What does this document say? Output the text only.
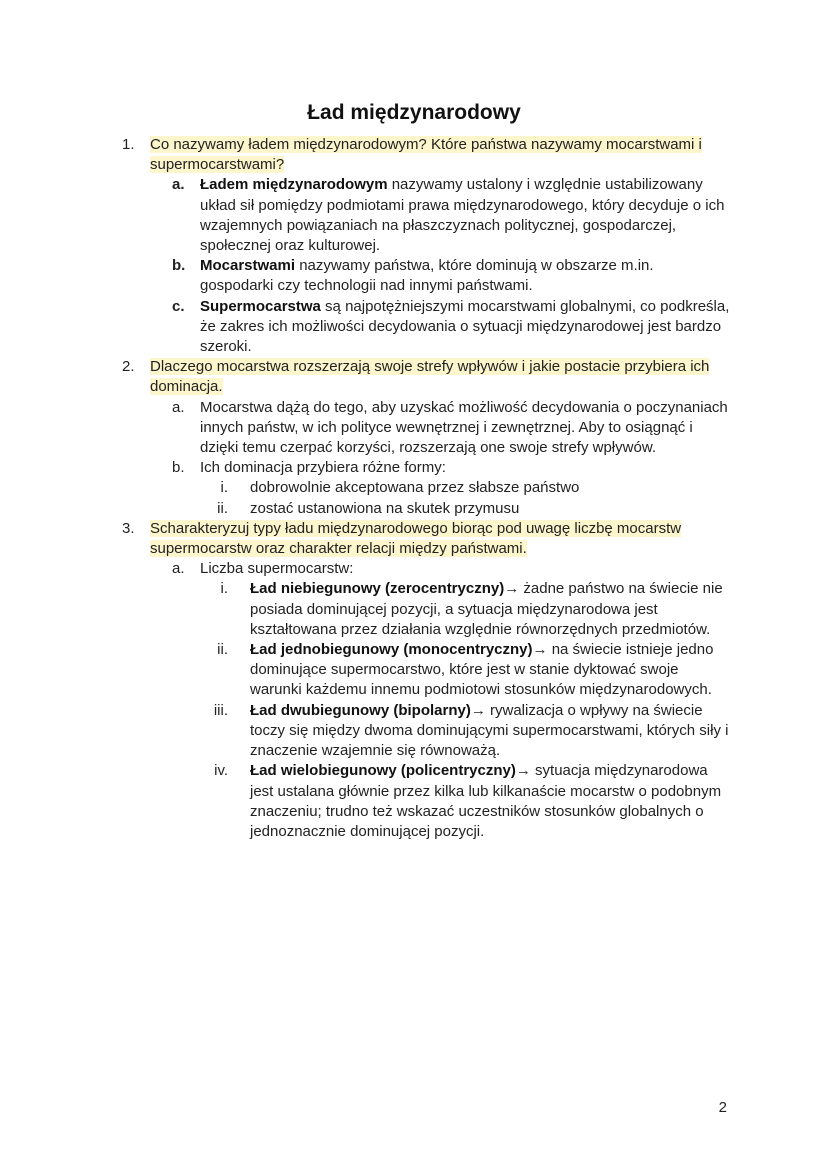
Ład międzynarodowy
1.	Co nazywamy ładem międzynarodowym? Które państwa nazywamy mocarstwami i supermocarstwami?
a.	Ładem międzynarodowym nazywamy ustalony i względnie ustabilizowany układ sił pomiędzy podmiotami prawa międzynarodowego, który decyduje o ich wzajemnych powiązaniach na płaszczyznach politycznej, gospodarczej, społecznej oraz kulturowej.
b. Mocarstwami nazywamy państwa, które dominują w obszarze m.in. gospodarki czy technologii nad innymi państwami.
c.	Supermocarstwa są najpotężniejszymi mocarstwami globalnymi, co podkreśla, że zakres ich możliwości decydowania o sytuacji międzynarodowej jest bardzo szeroki.
2.	Dlaczego mocarstwa rozszerzają swoje strefy wpływów i jakie postacie przybiera ich dominacja.
a.	Mocarstwa dążą do tego, aby uzyskać możliwość decydowania o poczynaniach innych państw, w ich polityce wewnętrznej i zewnętrznej. Aby to osiągnąć i dzięki temu czerpać korzyści, rozszerzają one swoje strefy wpływów.
b.	Ich dominacja przybiera różne formy:
i. dobrowolnie akceptowana przez słabsze państwo
ii. zostać ustanowiona na skutek przymusu
3.	Scharakteryzuj typy ładu międzynarodowego biorąc pod uwagę liczbę mocarstw supermocarstw oraz charakter relacji między państwami.
a.	Liczba supermocarstw:
i. Ład niebiegunowy (zerocentryczny)→ żadne państwo na świecie nie posiada dominującej pozycji, a sytuacja międzynarodowa jest kształtowana przez działania względnie równorzędnych przedmiotów.
ii. Ład jednobiegunowy (monocentryczny)→ na świecie istnieje jedno dominujące supermocarstwo, które jest w stanie dyktować swoje warunki każdemu innemu podmiotowi stosunków międzynarodowych.
iii. Ład dwubiegunowy (bipolarny)→ rywalizacja o wpływy na świecie toczy się między dwoma dominującymi supermocarstwami, których siły i znaczenie wzajemnie się równoważą.
iv. Ład wielobiegunowy (policentryczny)→ sytuacja międzynarodowa jest ustalana głównie przez kilka lub kilkanaście mocarstw o podobnym znaczeniu; trudno też wskazać uczestników stosunków globalnych o jednoznacznie dominującej pozycji.
2
